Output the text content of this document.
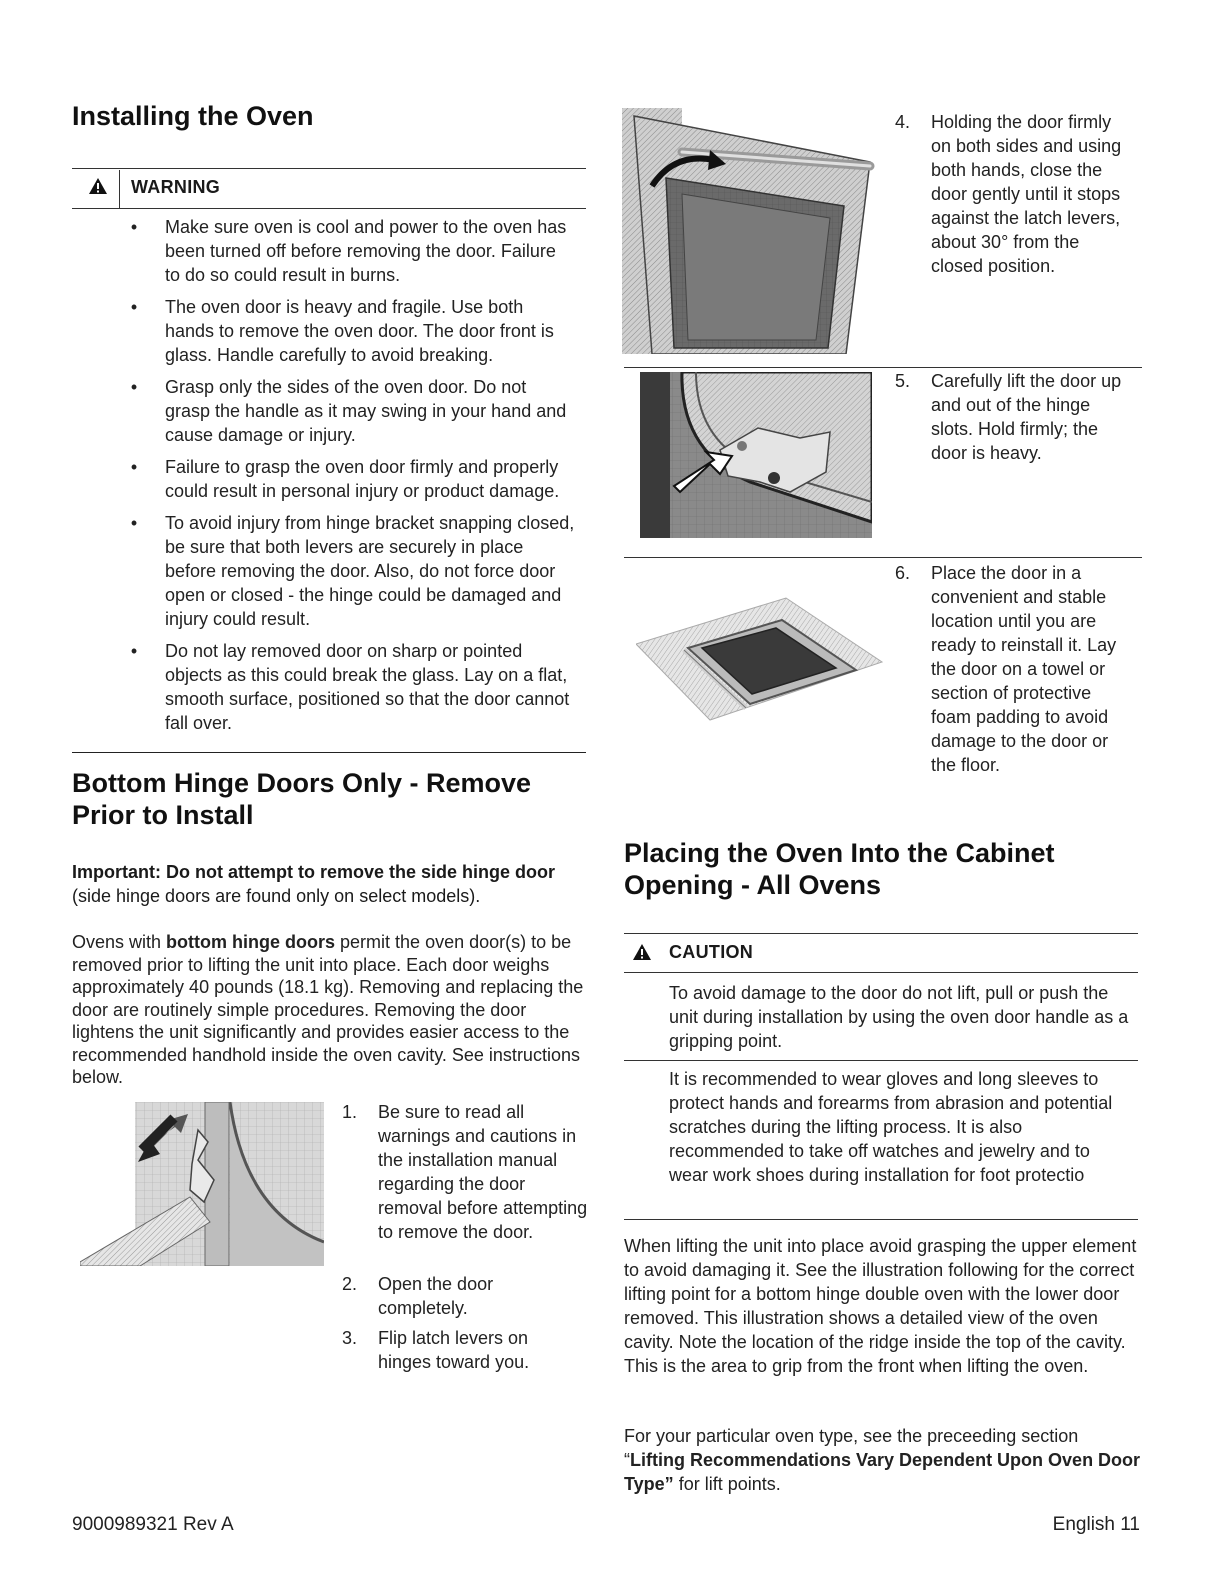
Installing the Oven
WARNING
• Make sure oven is cool and power to the oven has been turned off before removing the door. Failure to do so could result in burns.
• The oven door is heavy and fragile. Use both hands to remove the oven door. The door front is glass. Handle carefully to avoid breaking.
• Grasp only the sides of the oven door. Do not grasp the handle as it may swing in your hand and cause damage or injury.
• Failure to grasp the oven door firmly and properly could result in personal injury or product damage.
• To avoid injury from hinge bracket snapping closed, be sure that both levers are securely in place before removing the door. Also, do not force door open or closed - the hinge could be damaged and injury could result.
• Do not lay removed door on sharp or pointed objects as this could break the glass. Lay on a flat, smooth surface, positioned so that the door cannot fall over.
Bottom Hinge Doors Only - Remove Prior to Install
Important: Do not attempt to remove the side hinge door (side hinge doors are found only on select models).
Ovens with bottom hinge doors permit the oven door(s) to be removed prior to lifting the unit into place. Each door weighs approximately 40 pounds (18.1 kg). Removing and replacing the door are routinely simple procedures. Removing the door lightens the unit significantly and provides easier access to the recommended handhold inside the oven cavity. See instructions below.
1. Be sure to read all warnings and cautions in the installation manual regarding the door removal before attempting to remove the door.
2. Open the door completely.
3. Flip latch levers on hinges toward you.
4. Holding the door firmly on both sides and using both hands, close the door gently until it stops against the latch levers, about 30° from the closed position.
5. Carefully lift the door up and out of the hinge slots. Hold firmly; the door is heavy.
6. Place the door in a convenient and stable location until you are ready to reinstall it. Lay the door on a towel or section of protective foam padding to avoid damage to the door or the floor.
Placing the Oven Into the Cabinet Opening - All Ovens
CAUTION
To avoid damage to the door do not lift, pull or push the unit during installation by using the oven door handle as a gripping point.
It is recommended to wear gloves and long sleeves to protect hands and forearms from abrasion and potential scratches during the lifting process. It is also recommended to take off watches and jewelry and to wear work shoes during installation for foot protectio
When lifting the unit into place avoid grasping the upper element to avoid damaging it. See the illustration following for the correct lifting point for a bottom hinge double oven with the lower door removed. This illustration shows a detailed view of the oven cavity. Note the location of the ridge inside the top of the cavity. This is the area to grip from the front when lifting the oven.
For your particular oven type, see the preceeding section “Lifting Recommendations Vary Dependent Upon Oven Door Type” for lift points.
9000989321 Rev A	English 11
